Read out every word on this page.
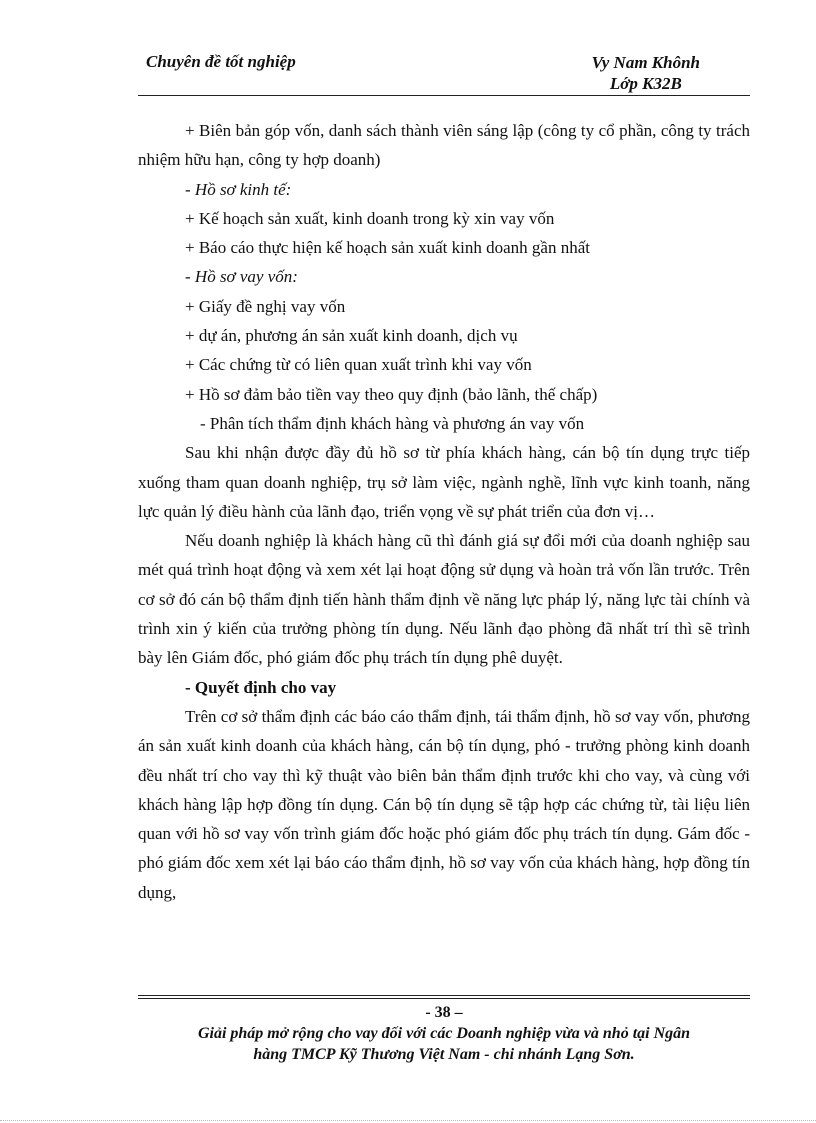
Chuyên đề tốt nghiệp	Vy Nam Khônh
Lớp K32B

+ Biên bản góp vốn, danh sách thành viên sáng lập (công ty cổ phần, công ty trách nhiệm hữu hạn, công ty hợp doanh)

- Hồ sơ kinh tế:

+ Kế hoạch sản xuất, kinh doanh trong kỳ xin vay vốn

+ Báo cáo thực hiện kế hoạch sản xuất kinh doanh gần nhất

- Hồ sơ vay vốn:

+ Giấy đề nghị vay vốn

+ dự án, phương án sản xuất kinh doanh, dịch vụ

+ Các chứng từ có liên quan xuất trình khi vay vốn

+ Hồ sơ đảm bảo tiền vay theo quy định (bảo lãnh, thế chấp)

- Phân tích thẩm định khách hàng và phương án vay vốn

Sau khi nhận được đầy đủ hồ sơ từ phía khách hàng, cán bộ tín dụng trực tiếp xuống tham quan doanh nghiệp, trụ sở làm việc, ngành nghề, lĩnh vực kinh toanh, năng lực quản lý điều hành của lãnh đạo, triển vọng về sự phát triển của đơn vị…

Nếu doanh nghiệp là khách hàng cũ thì đánh giá sự đổi mới của doanh nghiệp sau mét quá trình hoạt động và xem xét lại hoạt động sử dụng và hoàn trả vốn lần trước. Trên cơ sở đó cán bộ thẩm định tiến hành thẩm định về năng lực pháp lý, năng lực tài chính và trình xin ý kiến của trưởng phòng tín dụng. Nếu lãnh đạo phòng đã nhất trí thì sẽ trình bày lên Giám đốc, phó giám đốc phụ trách tín dụng phê duyệt.

- Quyết định cho vay

Trên cơ sở thẩm định các báo cáo thẩm định, tái thẩm định, hồ sơ vay vốn, phương án sản xuất kinh doanh của khách hàng, cán bộ tín dụng, phó - trưởng phòng kinh doanh đều nhất trí cho vay thì kỹ thuật vào biên bản thẩm định trước khi cho vay, và cùng với khách hàng lập hợp đồng tín dụng. Cán bộ tín dụng sẽ tập hợp các chứng từ, tài liệu liên quan với hồ sơ vay vốn trình giám đốc hoặc phó giám đốc phụ trách tín dụng. Gám đốc - phó giám đốc xem xét lại báo cáo thẩm định, hồ sơ vay vốn của khách hàng, hợp đồng tín dụng,

- 38 –
Giải pháp mở rộng cho vay đối với các Doanh nghiệp vừa và nhỏ tại Ngân
hàng TMCP Kỹ Thương Việt Nam - chi nhánh Lạng Sơn.
